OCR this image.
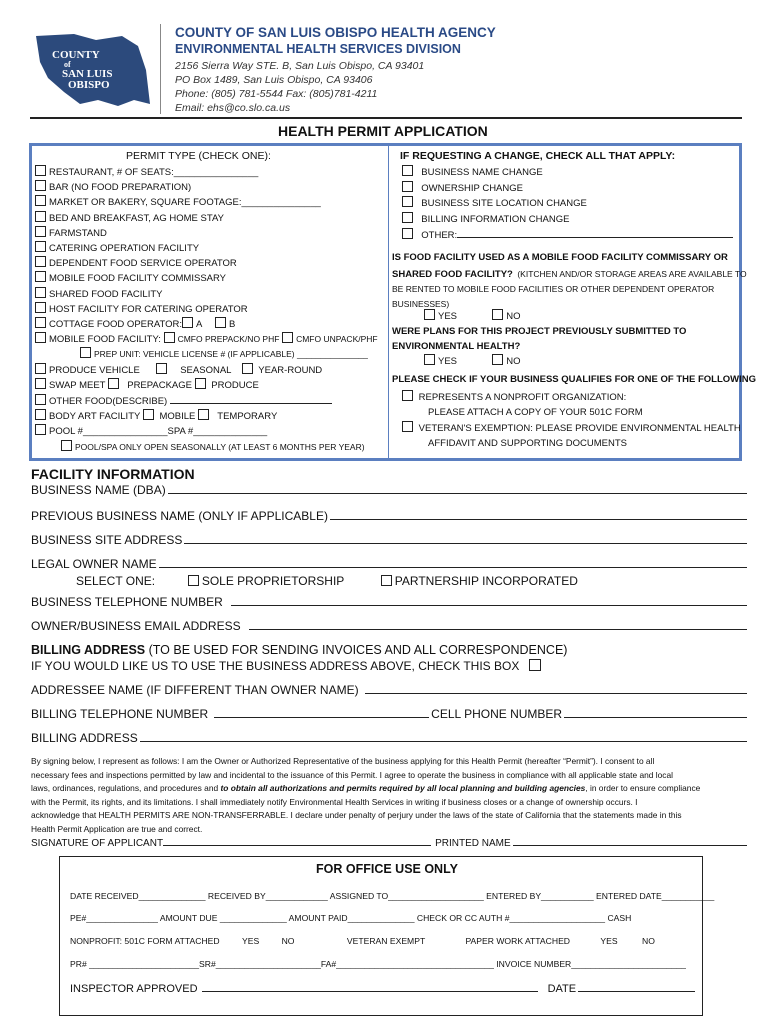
COUNTY
of
SAN LUIS
OBISPO
COUNTY OF SAN LUIS OBISPO HEALTH AGENCY
ENVIRONMENTAL HEALTH SERVICES DIVISION
2156 Sierra Way STE. B, San Luis Obispo, CA 93401
PO Box 1489, San Luis Obispo, CA 93406
Phone: (805) 781-5544 Fax: (805)781-4211
Email: ehs@co.slo.ca.us
HEALTH PERMIT APPLICATION
PERMIT TYPE (CHECK ONE):
RESTAURANT, # OF SEATS:________________
BAR (NO FOOD PREPARATION)
MARKET OR BAKERY, SQUARE FOOTAGE:_______________
BED AND BREAKFAST, AG HOME STAY
FARMSTAND
CATERING OPERATION FACILITY
DEPENDENT FOOD SERVICE OPERATOR
MOBILE FOOD FACILITY COMMISSARY
SHARED FOOD FACILITY
HOST FACILITY FOR CATERING OPERATOR
COTTAGE FOOD OPERATOR: A	B
MOBILE FOOD FACILITY: CMFO PREPACK/NO PHF CMFO UNPACK/PHF
PREP UNIT: VEHICLE LICENSE # (IF APPLICABLE) _______________
PRODUCE VEHICLE	SEASONAL	YEAR-ROUND
SWAP MEET PREPACKAGE PRODUCE
OTHER FOOD(DESCRIBE)
BODY ART FACILITY MOBILE TEMPORARY
POOL #________________SPA #______________
POOL/SPA ONLY OPEN SEASONALLY (AT LEAST 6 MONTHS PER YEAR)
IF REQUESTING A CHANGE, CHECK ALL THAT APPLY:
BUSINESS NAME CHANGE
OWNERSHIP CHANGE
BUSINESS SITE LOCATION CHANGE
BILLING INFORMATION CHANGE
OTHER:
IS FOOD FACILITY USED AS A MOBILE FOOD FACILITY COMMISSARY OR
SHARED FOOD FACILITY? (KITCHEN AND/OR STORAGE AREAS ARE AVAILABLE TO
BE RENTED TO MOBILE FOOD FACILITIES OR OTHER DEPENDENT OPERATOR
BUSINESSES)
YES	NO
WERE PLANS FOR THIS PROJECT PREVIOUSLY SUBMITTED TO
ENVIRONMENTAL HEALTH?
YES	NO
PLEASE CHECK IF YOUR BUSINESS QUALIFIES FOR ONE OF THE FOLLOWING
REPRESENTS A NONPROFIT ORGANIZATION:
PLEASE ATTACH A COPY OF YOUR 501C FORM
VETERAN'S EXEMPTION: PLEASE PROVIDE ENVIRONMENTAL HEALTH
AFFIDAVIT AND SUPPORTING DOCUMENTS
FACILITY INFORMATION
BUSINESS NAME (DBA)
PREVIOUS BUSINESS NAME (ONLY IF APPLICABLE)
BUSINESS SITE ADDRESS
LEGAL OWNER NAME
SELECT ONE:	SOLE PROPRIETORSHIP	PARTNERSHIP INCORPORATED
BUSINESS TELEPHONE NUMBER
OWNER/BUSINESS EMAIL ADDRESS
BILLING ADDRESS (TO BE USED FOR SENDING INVOICES AND ALL CORRESPONDENCE)
IF YOU WOULD LIKE US TO USE THE BUSINESS ADDRESS ABOVE, CHECK THIS BOX
ADDRESSEE NAME (IF DIFFERENT THAN OWNER NAME)
BILLING TELEPHONE NUMBER	CELL PHONE NUMBER
BILLING ADDRESS
By signing below, I represent as follows: I am the Owner or Authorized Representative of the business applying for this Health Permit (hereafter “Permit”). I consent to all
necessary fees and inspections permitted by law and incidental to the issuance of this Permit. I agree to operate the business in compliance with all applicable state and local
laws, ordinances, regulations, and procedures and to obtain all authorizations and permits required by all local planning and building agencies, in order to ensure compliance
with the Permit, its rights, and its limitations. I shall immediately notify Environmental Health Services in writing if business closes or a change of ownership occurs. I
acknowledge that HEALTH PERMITS ARE NON-TRANSFERRABLE. I declare under penalty of perjury under the laws of the state of California that the statements made in this
Health Permit Application are true and correct.
SIGNATURE OF APPLICANT	PRINTED NAME
FOR OFFICE USE ONLY
DATE RECEIVED______________ RECEIVED BY_____________ ASSIGNED TO____________________ ENTERED BY___________ ENTERED DATE___________
PE#_______________ AMOUNT DUE ______________ AMOUNT PAID______________ CHECK OR CC AUTH #____________________ CASH
NONPROFIT: 501C FORM ATTACHED	YES	NO	VETERAN EXEMPT	PAPER WORK ATTACHED	YES	NO
PR# _______________________SR#______________________FA#_________________________________ INVOICE NUMBER________________________
INSPECTOR APPROVED	DATE
